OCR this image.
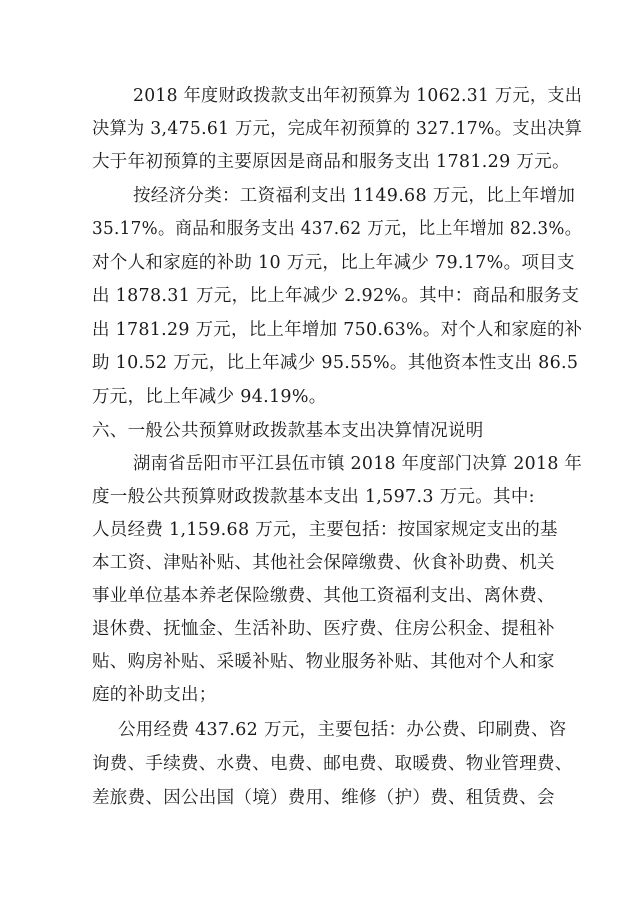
2018 年度财政拨款支出年初预算为 1062.31 万元，支出
决算为 3,475.61 万元，完成年初预算的 327.17%。支出决算
大于年初预算的主要原因是商品和服务支出 1781.29 万元。
按经济分类：工资福利支出 1149.68 万元，比上年增加
35.17%。商品和服务支出 437.62 万元，比上年增加 82.3%。
对个人和家庭的补助 10 万元，比上年减少 79.17%。项目支
出 1878.31 万元，比上年减少 2.92%。其中：商品和服务支
出 1781.29 万元，比上年增加 750.63%。对个人和家庭的补
助 10.52 万元，比上年减少 95.55%。其他资本性支出 86.5
万元，比上年减少 94.19%。
六、一般公共预算财政拨款基本支出决算情况说明
湖南省岳阳市平江县伍市镇 2018 年度部门决算 2018 年
度一般公共预算财政拨款基本支出 1,597.3 万元。其中:
人员经费 1,159.68 万元，主要包括：按国家规定支出的基
本工资、津贴补贴、其他社会保障缴费、伙食补助费、机关
事业单位基本养老保险缴费、其他工资福利支出、离休费、
退休费、抚恤金、生活补助、医疗费、住房公积金、提租补
贴、购房补贴、采暖补贴、物业服务补贴、其他对个人和家
庭的补助支出；
公用经费 437.62 万元，主要包括：办公费、印刷费、咨
询费、手续费、水费、电费、邮电费、取暖费、物业管理费、
差旅费、因公出国（境）费用、维修（护）费、租赁费、会
